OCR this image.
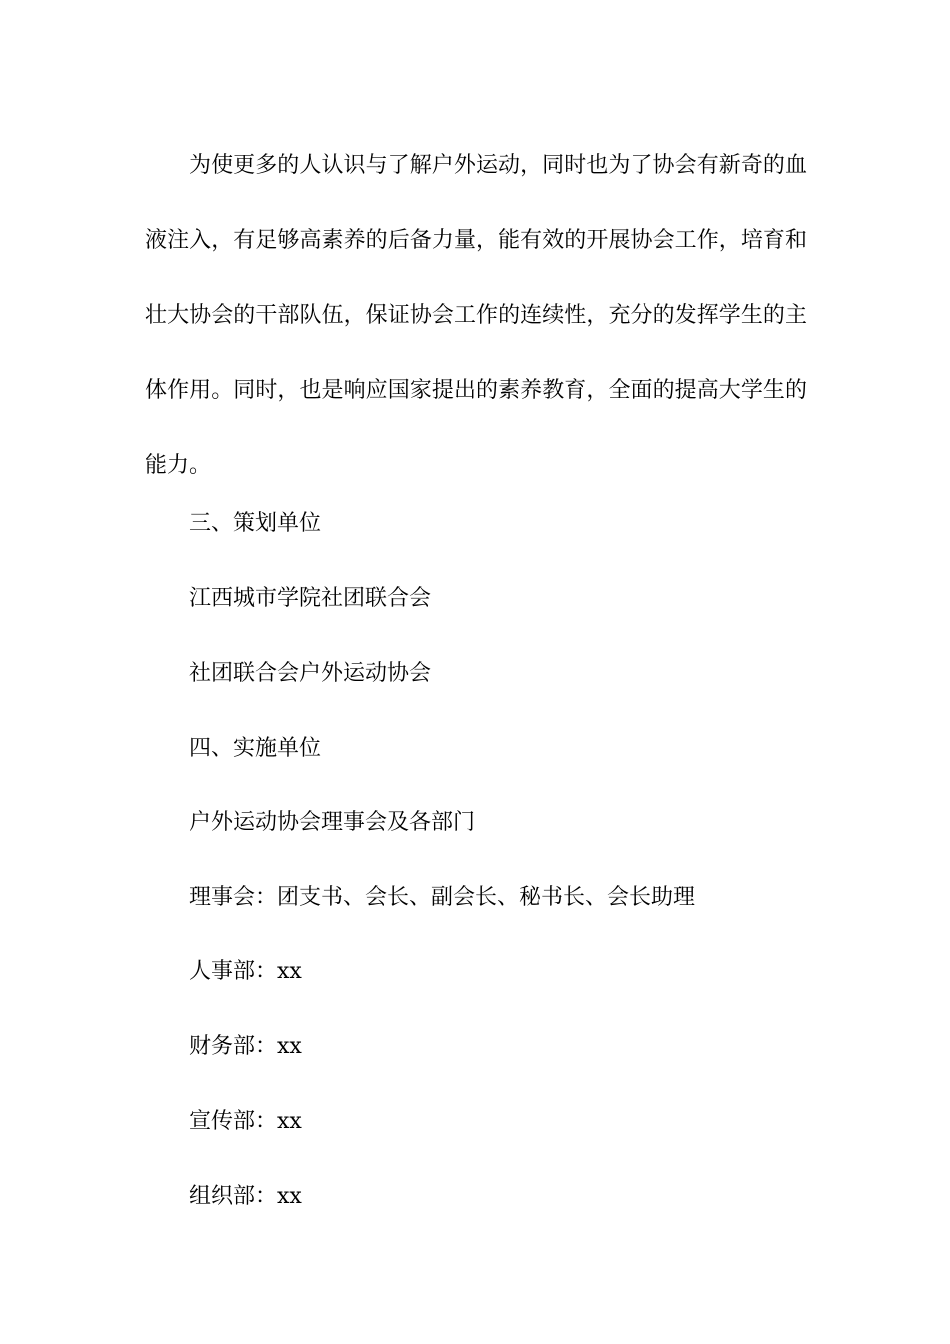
为使更多的人认识与了解户外运动，同时也为了协会有新奇的血液注入，有足够高素养的后备力量，能有效的开展协会工作，培育和壮大协会的干部队伍，保证协会工作的连续性，充分的发挥学生的主体作用。同时，也是响应国家提出的素养教育，全面的提高大学生的能力。

三、策划单位

江西城市学院社团联合会

社团联合会户外运动协会

四、实施单位

户外运动协会理事会及各部门

理事会：团支书、会长、副会长、秘书长、会长助理

人事部：xx

财务部：xx

宣传部：xx

组织部：xx
